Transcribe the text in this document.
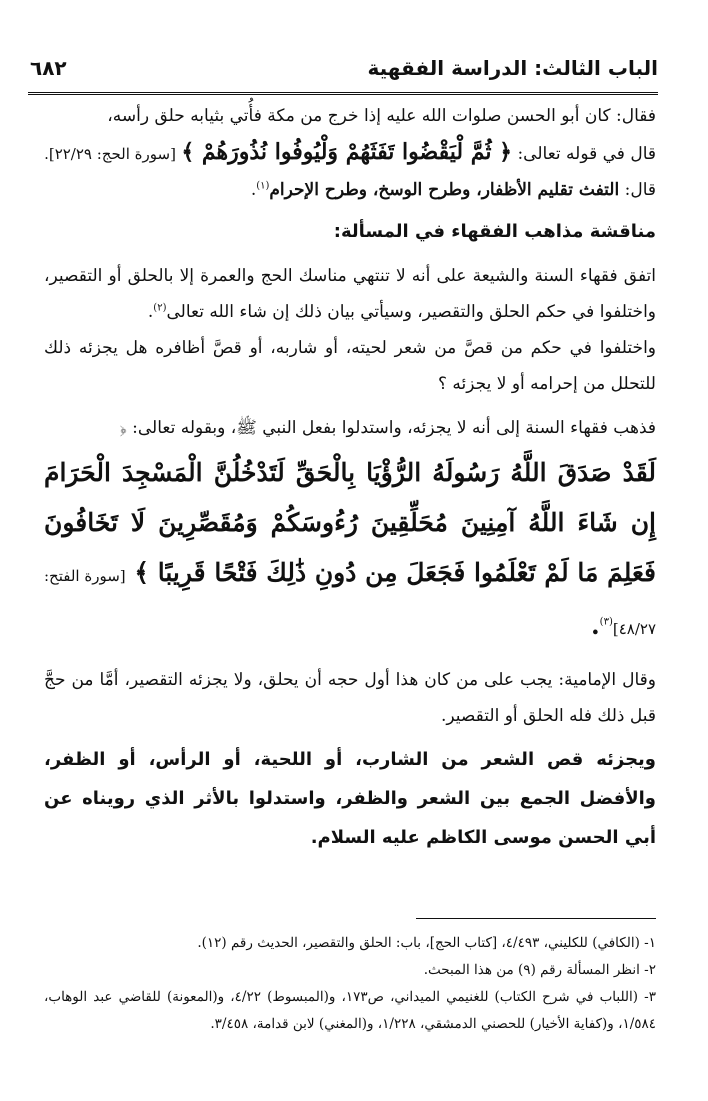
الباب الثالث: الدراسة الفقهية
٦٨٢

فقال: كان أبو الحسن صلوات الله عليه إذا خرج من مكة فأُتي بثيابه حلق رأسه،

قال في قوله تعالى: ﴿ ثُمَّ لْيَقْضُوا تَفَثَهُمْ وَلْيُوفُوا نُذُورَهُمْ ﴾ [سورة الحج: ٢٢/٢٩].

قال: التفث تقليم الأظفار، وطرح الوسخ، وطرح الإحرام$^{(١)}$.

مناقشة مذاهب الفقهاء في المسألة:

اتفق فقهاء السنة والشيعة على أنه لا تنتهي مناسك الحج والعمرة إلا بالحلق أو التقصير، واختلفوا في حكم الحلق والتقصير، وسيأتي بيان ذلك إن شاء الله تعالى$^{(٢)}$.

واختلفوا في حكم من قصَّ من شعر لحيته، أو شاربه، أو قصَّ أظافره هل يجزئه ذلك للتحلل من إحرامه أو لا يجزئه ؟

فذهب فقهاء السنة إلى أنه لا يجزئه، واستدلوا بفعل النبي ﷺ، وبقوله تعالى: ﴿

لَقَدْ صَدَقَ اللَّهُ رَسُولَهُ الرُّؤْيَا بِالْحَقِّ لَتَدْخُلُنَّ الْمَسْجِدَ الْحَرَامَ إِن شَاءَ اللَّهُ آمِنِينَ مُحَلِّقِينَ رُءُوسَكُمْ وَمُقَصِّرِينَ لَا تَخَافُونَ فَعَلِمَ مَا لَمْ تَعْلَمُوا فَجَعَلَ مِن دُونِ ذَٰلِكَ فَتْحًا قَرِيبًا ﴾ [سورة الفتح: ٤٨/٢٧]$^{(٣)}$.

وقال الإمامية: يجب على من كان هذا أول حجه أن يحلق، ولا يجزئه التقصير، أمَّا من حجَّ قبل ذلك فله الحلق أو التقصير.

ويجزئه قص الشعر من الشارب، أو اللحية، أو الرأس، أو الظفر، والأفضل الجمع بين الشعر والظفر، واستدلوا بالأثر الذي رويناه عن أبي الحسن موسى الكاظم عليه السلام.

١- (الكافي) للكليني، ٤/٤٩٣، [كتاب الحج]، باب: الحلق والتقصير، الحديث رقم (١٢).

٢- انظر المسألة رقم (٩) من هذا المبحث.

٣- (اللباب في شرح الكتاب) للغنيمي الميداني، ص١٧٣، و(المبسوط) ٤/٢٢، و(المعونة) للقاضي عبد الوهاب، ١/٥٨٤، و(كفاية الأخيار) للحصني الدمشقي، ١/٢٢٨، و(المغني) لابن قدامة، ٣/٤٥٨.
